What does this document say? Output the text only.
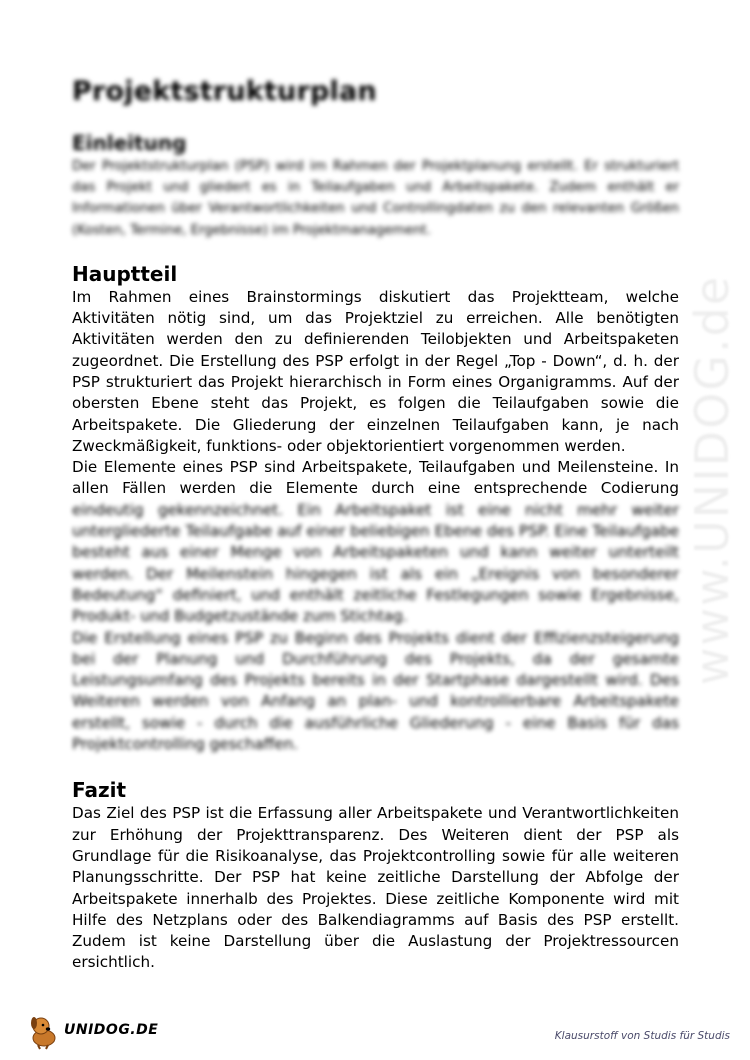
www.UNIDOG.de
Projektstrukturplan
Einleitung

Der Projektstrukturplan (PSP) wird im Rahmen der Projektplanung erstellt. Er strukturiert das Projekt und gliedert es in Teilaufgaben und Arbeitspakete. Zudem enthält er Informationen über Verantwortlichkeiten und Controllingdaten zu den relevanten Größen (Kosten, Termine, Ergebnisse) im Projektmanagement.

Hauptteil

Im Rahmen eines Brainstormings diskutiert das Projektteam, welche Aktivitäten nötig sind, um das Projektziel zu erreichen. Alle benötigten Aktivitäten werden den zu definierenden Teilobjekten und Arbeitspaketen zugeordnet. Die Erstellung des PSP erfolgt in der Regel „Top - Down“, d. h. der PSP strukturiert das Projekt hierarchisch in Form eines Organigramms. Auf der obersten Ebene steht das Projekt, es folgen die Teilaufgaben sowie die Arbeitspakete. Die Gliederung der einzelnen Teilaufgaben kann, je nach Zweckmäßigkeit, funktions- oder objektorientiert vorgenommen werden.

Die Elemente eines PSP sind Arbeitspakete, Teilaufgaben und Meilensteine. In allen Fällen werden die Elemente durch eine entsprechende Codierung eindeutig gekennzeichnet. Ein Arbeitspaket ist eine nicht mehr weiter untergliederte Teilaufgabe auf einer beliebigen Ebene des PSP. Eine Teilaufgabe besteht aus einer Menge von Arbeitspaketen und kann weiter unterteilt werden. Der Meilenstein hingegen ist als ein „Ereignis von besonderer Bedeutung“ definiert, und enthält zeitliche Festlegungen sowie Ergebnisse, Produkt- und Budgetzustände zum Stichtag.

Die Erstellung eines PSP zu Beginn des Projekts dient der Effizienzsteigerung bei der Planung und Durchführung des Projekts, da der gesamte Leistungsumfang des Projekts bereits in der Startphase dargestellt wird. Des Weiteren werden von Anfang an plan- und kontrollierbare Arbeitspakete erstellt, sowie - durch die ausführliche Gliederung - eine Basis für das Projektcontrolling geschaffen.

Fazit

Das Ziel des PSP ist die Erfassung aller Arbeitspakete und Verantwortlichkeiten zur Erhöhung der Projekttransparenz. Des Weiteren dient der PSP als Grundlage für die Risikoanalyse, das Projektcontrolling sowie für alle weiteren Planungsschritte. Der PSP hat keine zeitliche Darstellung der Abfolge der Arbeitspakete innerhalb des Projektes. Diese zeitliche Komponente wird mit Hilfe des Netzplans oder des Balkendiagramms auf Basis des PSP erstellt. Zudem ist keine Darstellung über die Auslastung der Projektressourcen ersichtlich.

UNIDOG.DE	Klausurstoff von Studis für Studis
